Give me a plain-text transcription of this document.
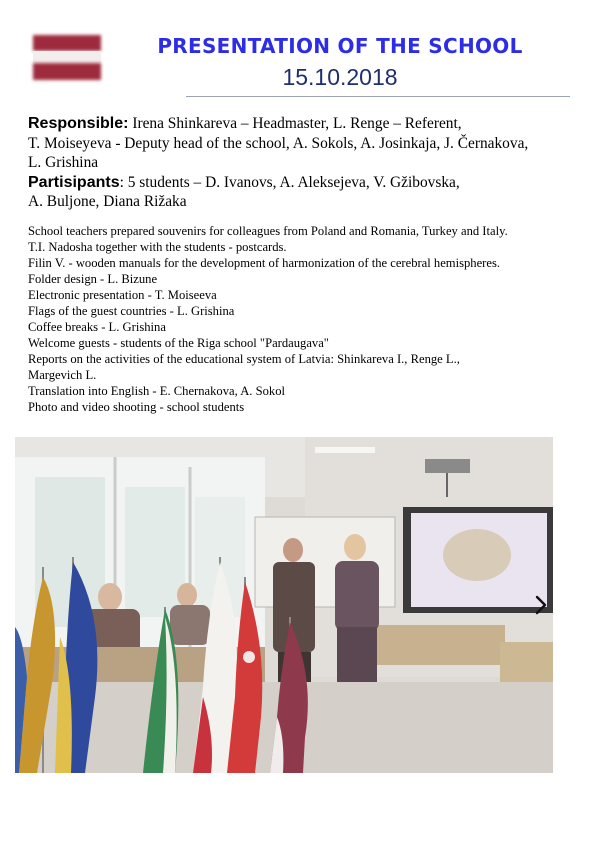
PRESENTATION OF THE SCHOOL
15.10.2018

Responsible: Irena Shinkareva – Headmaster, L. Renge – Referent,

T. Moiseyeva - Deputy head of the school, A. Sokols, A. Josinkaja, J. Černakova,

L. Grishina

Partisipants: 5 students – D. Ivanovs, A. Aleksejeva, V. Gžibovska,

A. Buljone, Diana Rižaka

School teachers prepared souvenirs for colleagues from Poland and Romania, Turkey and Italy.
T.I. Nadosha together with the students - postcards.
Filin V. - wooden manuals for the development of harmonization of the cerebral hemispheres.
Folder design - L. Bizune
Electronic presentation - T. Moiseeva
Flags of the guest countries - L. Grishina
Coffee breaks - L. Grishina
Welcome guests - students of the Riga school "Pardaugava"
Reports on the activities of the educational system of Latvia: Shinkareva I., Renge L.,
Margevich L.
Translation into English - E. Chernakova, A. Sokol
Photo and video shooting - school students
